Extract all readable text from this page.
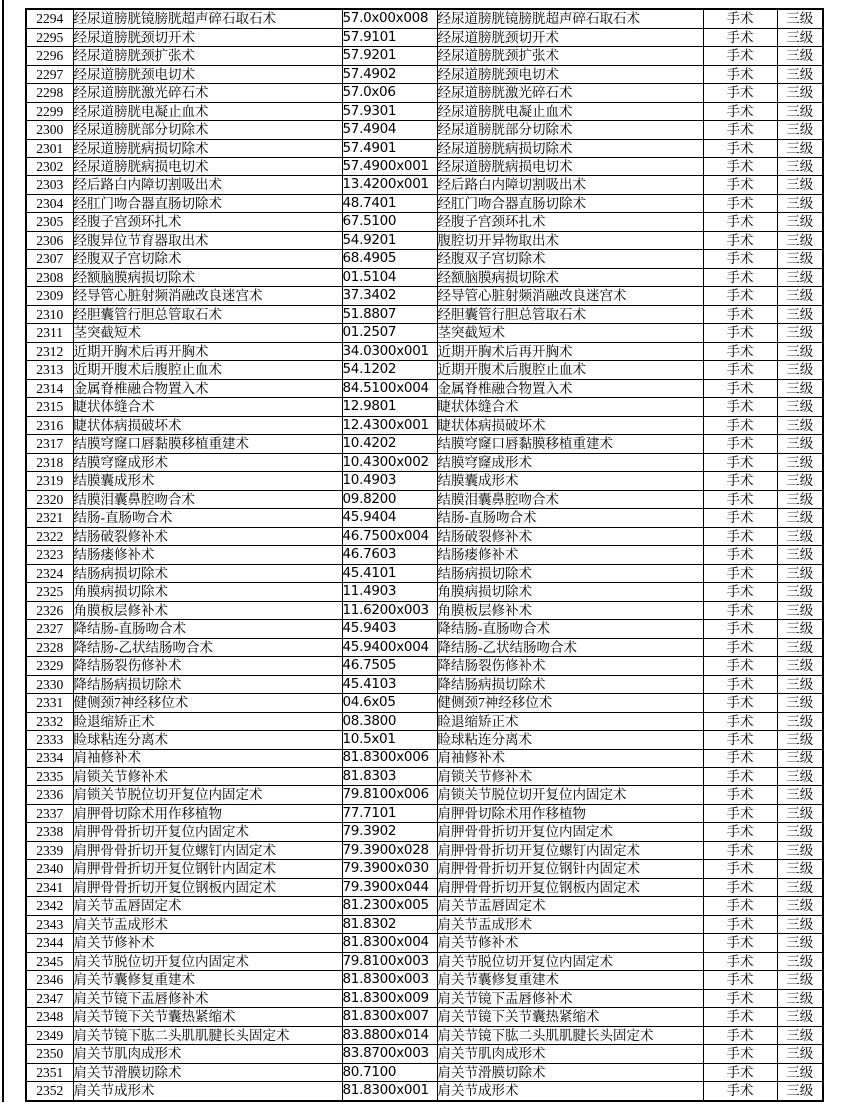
2294	经尿道膀胱镜膀胱超声碎石取石术	57.0x00x008	经尿道膀胱镜膀胱超声碎石取石术	手术	三级
2295	经尿道膀胱颈切开术	57.9101	经尿道膀胱颈切开术	手术	三级
2296	经尿道膀胱颈扩张术	57.9201	经尿道膀胱颈扩张术	手术	三级
2297	经尿道膀胱颈电切术	57.4902	经尿道膀胱颈电切术	手术	三级
2298	经尿道膀胱激光碎石术	57.0x06	经尿道膀胱激光碎石术	手术	三级
2299	经尿道膀胱电凝止血术	57.9301	经尿道膀胱电凝止血术	手术	三级
2300	经尿道膀胱部分切除术	57.4904	经尿道膀胱部分切除术	手术	三级
2301	经尿道膀胱病损切除术	57.4901	经尿道膀胱病损切除术	手术	三级
2302	经尿道膀胱病损电切术	57.4900x001	经尿道膀胱病损电切术	手术	三级
2303	经后路白内障切割吸出术	13.4200x001	经后路白内障切割吸出术	手术	三级
2304	经肛门吻合器直肠切除术	48.7401	经肛门吻合器直肠切除术	手术	三级
2305	经腹子宫颈环扎术	67.5100	经腹子宫颈环扎术	手术	三级
2306	经腹异位节育器取出术	54.9201	腹腔切开异物取出术	手术	三级
2307	经腹双子宫切除术	68.4905	经腹双子宫切除术	手术	三级
2308	经额脑膜病损切除术	01.5104	经额脑膜病损切除术	手术	三级
2309	经导管心脏射频消融改良迷宫术	37.3402	经导管心脏射频消融改良迷宫术	手术	三级
2310	经胆囊管行胆总管取石术	51.8807	经胆囊管行胆总管取石术	手术	三级
2311	茎突截短术	01.2507	茎突截短术	手术	三级
2312	近期开胸术后再开胸术	34.0300x001	近期开胸术后再开胸术	手术	三级
2313	近期开腹术后腹腔止血术	54.1202	近期开腹术后腹腔止血术	手术	三级
2314	金属脊椎融合物置入术	84.5100x004	金属脊椎融合物置入术	手术	三级
2315	睫状体缝合术	12.9801	睫状体缝合术	手术	三级
2316	睫状体病损破坏术	12.4300x001	睫状体病损破坏术	手术	三级
2317	结膜穹窿口唇黏膜移植重建术	10.4202	结膜穹窿口唇黏膜移植重建术	手术	三级
2318	结膜穹窿成形术	10.4300x002	结膜穹窿成形术	手术	三级
2319	结膜囊成形术	10.4903	结膜囊成形术	手术	三级
2320	结膜泪囊鼻腔吻合术	09.8200	结膜泪囊鼻腔吻合术	手术	三级
2321	结肠-直肠吻合术	45.9404	结肠-直肠吻合术	手术	三级
2322	结肠破裂修补术	46.7500x004	结肠破裂修补术	手术	三级
2323	结肠瘘修补术	46.7603	结肠瘘修补术	手术	三级
2324	结肠病损切除术	45.4101	结肠病损切除术	手术	三级
2325	角膜病损切除术	11.4903	角膜病损切除术	手术	三级
2326	角膜板层修补术	11.6200x003	角膜板层修补术	手术	三级
2327	降结肠-直肠吻合术	45.9403	降结肠-直肠吻合术	手术	三级
2328	降结肠-乙状结肠吻合术	45.9400x004	降结肠-乙状结肠吻合术	手术	三级
2329	降结肠裂伤修补术	46.7505	降结肠裂伤修补术	手术	三级
2330	降结肠病损切除术	45.4103	降结肠病损切除术	手术	三级
2331	健侧颈7神经移位术	04.6x05	健侧颈7神经移位术	手术	三级
2332	睑退缩矫正术	08.3800	睑退缩矫正术	手术	三级
2333	睑球粘连分离术	10.5x01	睑球粘连分离术	手术	三级
2334	肩袖修补术	81.8300x006	肩袖修补术	手术	三级
2335	肩锁关节修补术	81.8303	肩锁关节修补术	手术	三级
2336	肩锁关节脱位切开复位内固定术	79.8100x006	肩锁关节脱位切开复位内固定术	手术	三级
2337	肩胛骨切除术用作移植物	77.7101	肩胛骨切除术用作移植物	手术	三级
2338	肩胛骨骨折切开复位内固定术	79.3902	肩胛骨骨折切开复位内固定术	手术	三级
2339	肩胛骨骨折切开复位螺钉内固定术	79.3900x028	肩胛骨骨折切开复位螺钉内固定术	手术	三级
2340	肩胛骨骨折切开复位钢针内固定术	79.3900x030	肩胛骨骨折切开复位钢针内固定术	手术	三级
2341	肩胛骨骨折切开复位钢板内固定术	79.3900x044	肩胛骨骨折切开复位钢板内固定术	手术	三级
2342	肩关节盂唇固定术	81.2300x005	肩关节盂唇固定术	手术	三级
2343	肩关节盂成形术	81.8302	肩关节盂成形术	手术	三级
2344	肩关节修补术	81.8300x004	肩关节修补术	手术	三级
2345	肩关节脱位切开复位内固定术	79.8100x003	肩关节脱位切开复位内固定术	手术	三级
2346	肩关节囊修复重建术	81.8300x003	肩关节囊修复重建术	手术	三级
2347	肩关节镜下盂唇修补术	81.8300x009	肩关节镜下盂唇修补术	手术	三级
2348	肩关节镜下关节囊热紧缩术	81.8300x007	肩关节镜下关节囊热紧缩术	手术	三级
2349	肩关节镜下肱二头肌肌腱长头固定术	83.8800x014	肩关节镜下肱二头肌肌腱长头固定术	手术	三级
2350	肩关节肌肉成形术	83.8700x003	肩关节肌肉成形术	手术	三级
2351	肩关节滑膜切除术	80.7100	肩关节滑膜切除术	手术	三级
2352	肩关节成形术	81.8300x001	肩关节成形术	手术	三级
